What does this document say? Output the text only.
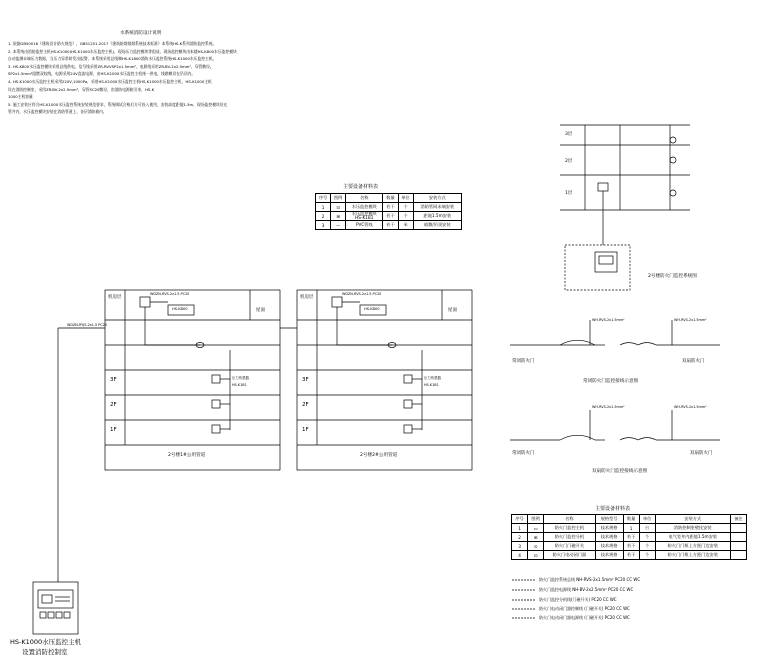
水系统消防设计说明
1. 依据GB50016《建筑设计防火规范》，GB51251-2017《建筑防烟排烟系统技术标准》本系统HS-K系列消防监控系统。
2. 本系统由消防监控主机HS-K1000(HS-K1000水压监控主机)，现场压力监控模块等组成，现场监控模块由本楼HS-K800水压监控模块
自动监测末端压力数据，当压力异常时发出报警，本系统采用总线制HS-K1800消防水压监控系统HS-K1000水压监控主机。
3. HS-K800水压监控模块采用总线供电，信号线采用ZR-RVVSP2x1.5mm²，电源线采用ZR-BV-2x2.5mm²，穿管敷设。
SP2x1.5mm²阻燃双绞线，电源采用24V直流电源，由HS-K1000水压监控主机统一供电，线路敷设在吊顶内。
4. HS-K1000水压监控主机采用220V,1000Pa，采用HS-K1000水压监控主机HS-K1000水压监控主机，HS-K1000主机
设在消防控制室，采用ZR-BV-2x2.5mm²，穿管SC20敷设，由消防电源箱引来，HS-K
1000主机容量
5. 施工安装应符合HS-K1000水压监控系统安装规范要求，系统调试合格后方可投入使用，安装高度距地1.5m，现场监控模块设在
管井内，水压监控模块安装在消防管道上，各层消防箱内。
主要设备材料表
序号	图例	名称	数量	单位	安装方式
1	⊡	水压监控模块	若干	个	消防管网末端安装
2	⊞	水压监控模块
HS-K1B1	若干	个	距地1.5m安装
3	—	PVC管线	若干	米	暗敷/吊顶安装
机房层
屋面
HS-K800
WDZN-RVS-2x1.5 PC20
WDZN-RYJS-2x1.5 PC20
3F
2F
1F
压力传感器
HS-K1B1
2号楼1#公用管道
机房层
屋面
HS-K800
WDZN-RVS-2x1.5 PC20
3F
2F
1F
压力传感器
HS-K1B1
2号楼2#公用管道
3层
2层
1层
2号楼防火门监控系统图
WH-RVS-2x1.5mm²	WH-RVS-2x1.5mm²
常闭防火门	双扇防火门
常闭防火门监控接线示意图
WH-RVS-2x1.5mm²	WH-RVS-2x1.5mm²
常闭防火门	双扇防火门
双扇防火门监控接线示意图
主要设备材料表
序号	图例	名称	规格型号	数量	单位	安装方式	备注
1	▭	防火门监控主机	技术规格	1	台	消防控制室壁挂安装	
2	⊞	防火门监控分机	技术规格	若干	个	电气竖井内距地1.5m安装	
3	⊙	防火门门磁开关	技术规格	若干	个	防火门门框上方距门边安装	
4	⊡	防火门电动闭门器	技术规格	若干	个	防火门门框上方距门边安装	
防火门监控系统总线 NH-RVS-2x1.5mm² PC20 CC WC
防火门监控电源线 NH-BV-2x2.5mm² PC20 CC WC
防火门监控分机线(门磁开关) PC20 CC WC
防火门电动闭门器控制线 (门磁开关) PC20 CC WC
防火门电动闭门器电源线 (门磁开关) PC20 CC WC
HS-K1000水压监控主机
设置消防控制室
